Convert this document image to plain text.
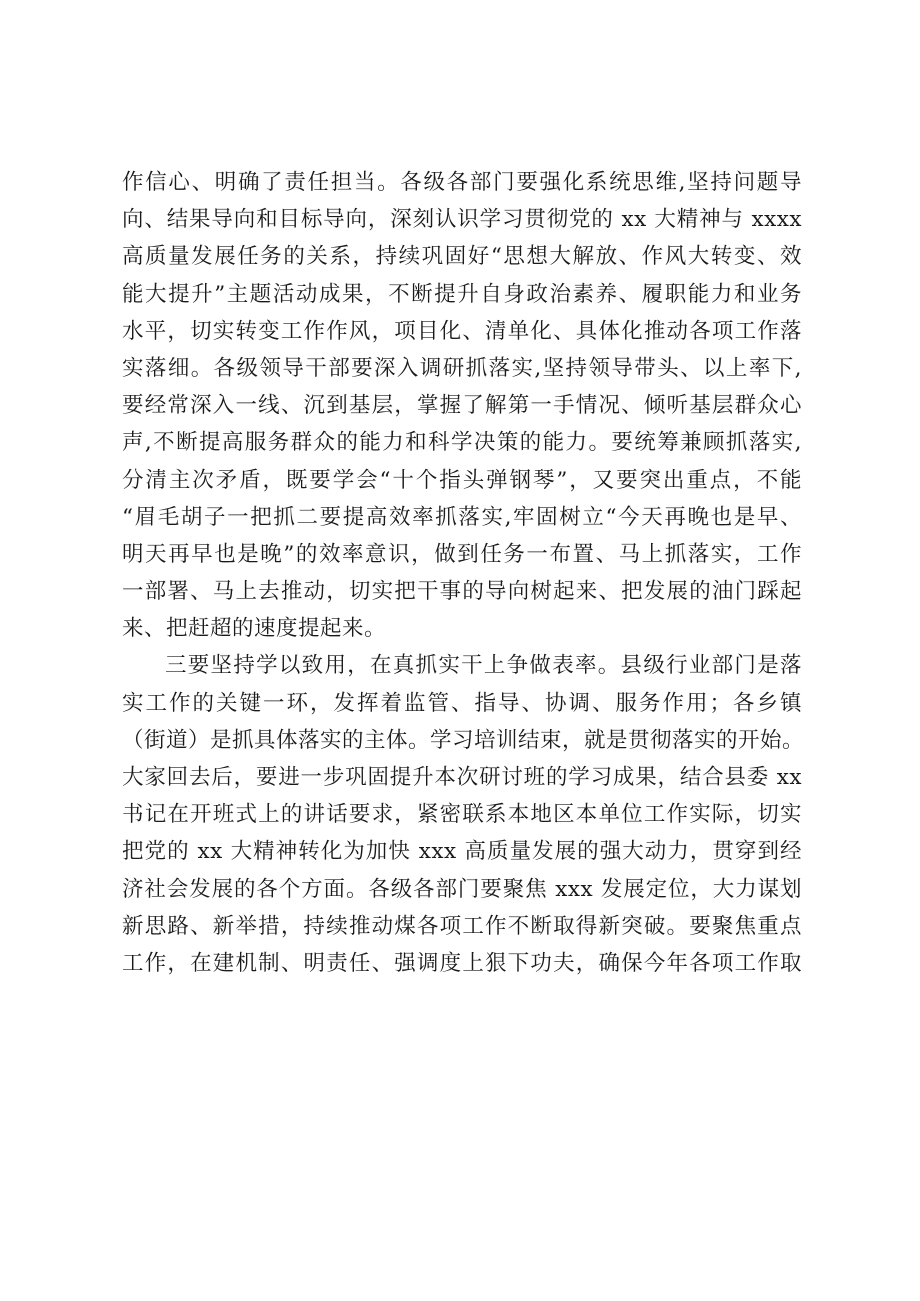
作信心、明确了责任担当。各级各部门要强化系统思维,坚持问题导
向、结果导向和目标导向，深刻认识学习贯彻党的 xx 大精神与 xxxx
高质量发展任务的关系，持续巩固好“思想大解放、作风大转变、效
能大提升”主题活动成果，不断提升自身政治素养、履职能力和业务
水平，切实转变工作作风，项目化、清单化、具体化推动各项工作落
实落细。各级领导干部要深入调研抓落实,坚持领导带头、以上率下,
要经常深入一线、沉到基层，掌握了解第一手情况、倾听基层群众心
声,不断提高服务群众的能力和科学决策的能力。要统筹兼顾抓落实,
分清主次矛盾，既要学会“十个指头弹钢琴”，又要突出重点，不能
“眉毛胡子一把抓二要提高效率抓落实,牢固树立“今天再晚也是早、
明天再早也是晚”的效率意识，做到任务一布置、马上抓落实，工作
一部署、马上去推动，切实把干事的导向树起来、把发展的油门踩起
来、把赶超的速度提起来。
三要坚持学以致用，在真抓实干上争做表率。县级行业部门是落
实工作的关键一环，发挥着监管、指导、协调、服务作用；各乡镇
（街道）是抓具体落实的主体。学习培训结束，就是贯彻落实的开始。
大家回去后，要进一步巩固提升本次研讨班的学习成果，结合县委 xx
书记在开班式上的讲话要求，紧密联系本地区本单位工作实际，切实
把党的 xx 大精神转化为加快 xxx 高质量发展的强大动力，贯穿到经
济社会发展的各个方面。各级各部门要聚焦 xxx 发展定位，大力谋划
新思路、新举措，持续推动煤各项工作不断取得新突破。要聚焦重点
工作，在建机制、明责任、强调度上狠下功夫，确保今年各项工作取
